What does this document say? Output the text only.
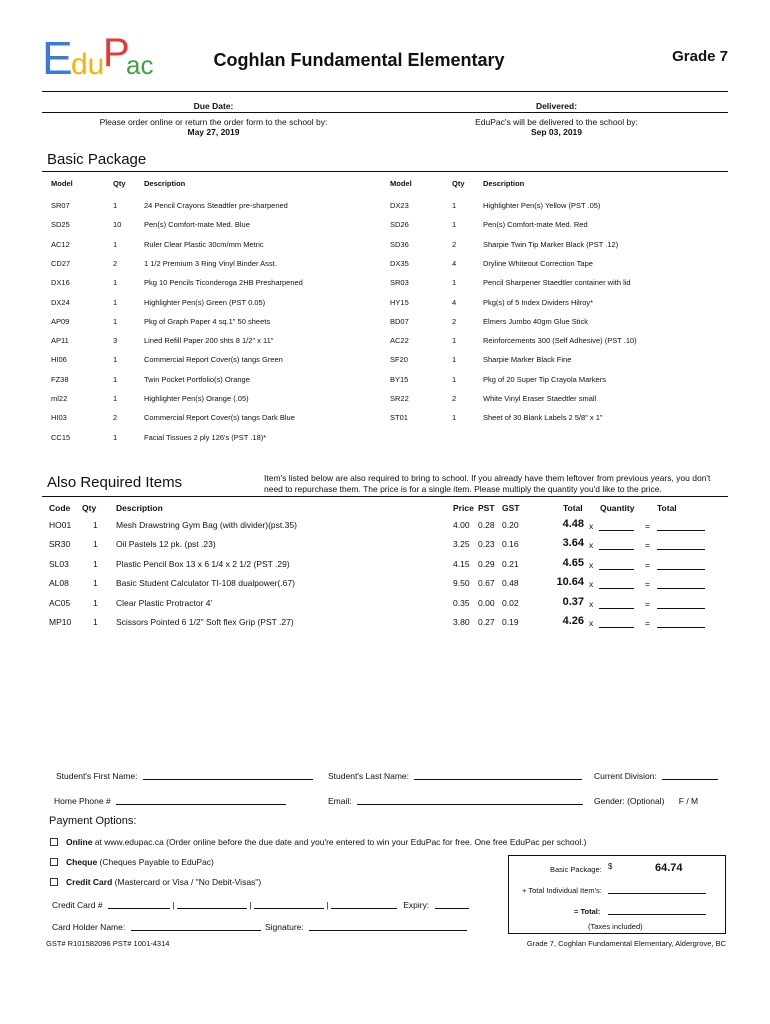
E
du
P
ac	Coghlan Fundamental Elementary	Grade 7
Due Date:	Delivered:
Please order online or return the order form to the school by:
May 27, 2019
EduPac's will be delivered to the school by:
Sep 03, 2019
Basic Package
Model	Qty Description	Model	Qty Description
SR07	1	24 Pencil Crayons Steadtler pre-sharpened
SD25	10	Pen(s) Comfort-mate Med. Blue
AC12	1	Ruler Clear Plastic 30cm/mm Metric
CD27	2	1 1/2 Premium 3 Ring Vinyl Binder Asst.
DX16	1	Pkg 10 Pencils Ticonderoga 2HB Presharpened
DX24	1	Highlighter Pen(s) Green (PST 0.05)
AP09	1	Pkg of Graph Paper 4 sq.1" 50 sheets
AP11	3	Lined Refill Paper 200 shts 8 1/2" x 11"
HI06	1	Commercial Report Cover(s) tangs Green
FZ38	1	Twin Pocket Portfolio(s) Orange
ml22	1	Highlighter Pen(s) Orange (.05)
HI03	2	Commercial Report Cover(s) tangs Dark Blue
CC15	1	Facial Tissues 2 ply 126's (PST .18)*
DX23	1	Highlighter Pen(s) Yellow (PST .05)
SD26	1	Pen(s) Comfort-mate Med. Red
SD36	2	Sharpie Twin Tip Marker Black (PST .12)
DX35	4	Dryline Whiteout Correction Tape
SR03	1	Pencil Sharpener Staedtler container with lid
HY15	4	Pkg(s) of 5 Index Dividers Hilroy*
BD07	2	Elmers Jumbo 40gm Glue Stick
AC22	1	Reinforcements 300 (Self Adhesive) (PST .10)
SF20	1	Sharpie Marker Black Fine
BY15	1	Pkg of 20 Super Tip Crayola Markers
SR22	2	White Vinyl Eraser Staedtler small
ST01	1	Sheet of 30 Blank Labels 2 5/8" x 1"
Also Required Items	Item's listed below are also required to bring to school. If you already have them leftover from previous years, you don't need to repurchase them. The price is for a single item. Please multiply the quantity you'd like to the price.
Code Qty Description	Price PST GST	Total Quantity	Total
HO01	1 Mesh Drawstring Gym Bag (with divider)(pst.35)	4.00 0.28 0.20	4.48 x	=
SR30	1 Oil Pastels 12 pk. (pst .23)	3.25 0.23 0.16	3.64 x	=
SL03	1 Plastic Pencil Box 13 x 6 1/4 x 2 1/2 (PST .29)	4.15 0.29 0.21	4.65 x	=
AL08	1 Basic Student Calculator TI-108 dualpower(.67)	9.50 0.67 0.48	10.64 x	=
AC05	1 Clear Plastic Protractor 4'	0.35 0.00 0.02	0.37 x	=
MP10	1 Scissors Pointed 6 1/2" Soft flex Grip (PST .27)	3.80 0.27 0.19	4.26 x	=
Student's First Name:	Student's Last Name:	Current Division:
Home Phone #	Email:	Gender: (Optional) F / M
Payment Options:
Online at www.edupac.ca (Order online before the due date and you're entered to win your EduPac for free. One free EduPac per school.)
Cheque (Cheques Payable to EduPac)
Credit Card (Mastercard or Visa / "No Debit-Visas")
Credit Card #	|	|	|	Expiry:
Card Holder Name:	Signature:
Basic Package: $	64.74
+ Total Individual Item's:
= Total:
(Taxes included)
GST# R101582096 PST# 1001-4314	Grade 7, Coghlan Fundamental Elementary, Aldergrove, BC
